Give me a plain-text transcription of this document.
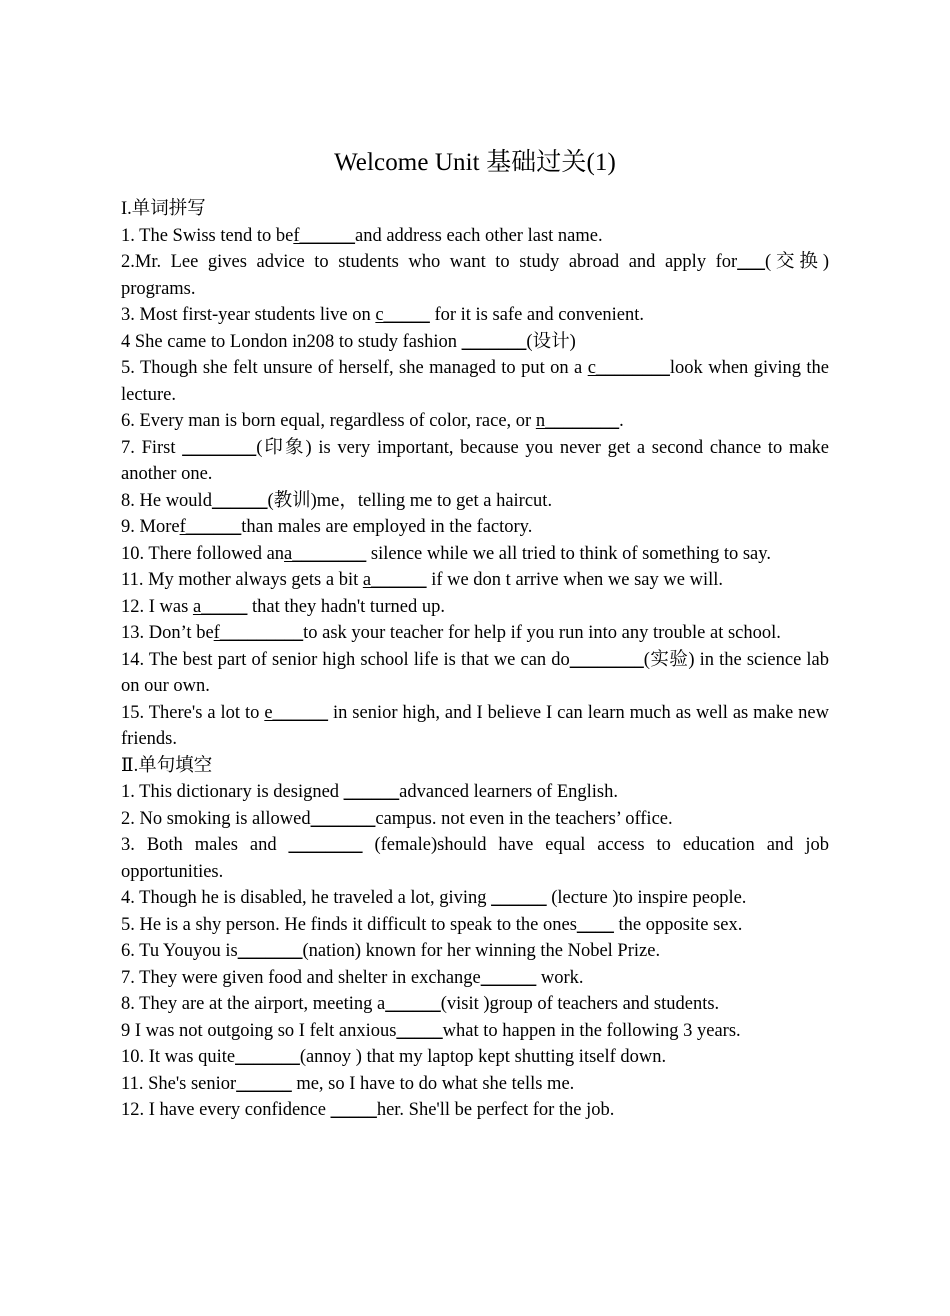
Welcome Unit 基础过关(1)
I.单词拼写

1. The Swiss tend to bef______and address each other last name.

2.Mr. Lee gives advice to students who want to study abroad and apply for___(交换) programs.

3. Most first-year students live on c_____ for it is safe and convenient.

4 She came to London in208 to study fashion _______(设计)

5. Though she felt unsure of herself, she managed to put on a c________look when giving the lecture.

6. Every man is born equal, regardless of color, race, or n________.

7. First ________(印象) is very important, because you never get a second chance to make another one.

8. He would______(教训)me，telling me to get a haircut.

9. Moref______than males are employed in the factory.

10. There followed ana________ silence while we all tried to think of something to say.

11. My mother always gets a bit a______ if we don t arrive when we say we will.

12. I was a_____ that they hadn't turned up.

13. Don’t bef_________to ask your teacher for help if you run into any trouble at school.

14. The best part of senior high school life is that we can do________(实验) in the science lab on our own.

15. There's a lot to e______ in senior high, and I believe I can learn much as well as make new friends.

Ⅱ.单句填空

1. This dictionary is designed ______advanced learners of English.

2. No smoking is allowed_______campus. not even in the teachers’ office.

3. Both males and ________ (female)should have equal access to education and job opportunities.

4. Though he is disabled, he traveled a lot, giving ______ (lecture )to inspire people.

5. He is a shy person. He finds it difficult to speak to the ones____ the opposite sex.

6. Tu Youyou is_______(nation) known for her winning the Nobel Prize.

7. They were given food and shelter in exchange______ work.

8. They are at the airport, meeting a______(visit )group of teachers and students.

9 I was not outgoing so I felt anxious_____what to happen in the following 3 years.

10. It was quite_______(annoy ) that my laptop kept shutting itself down.

11. She's senior______ me, so I have to do what she tells me.

12. I have every confidence _____her. She'll be perfect for the job.
